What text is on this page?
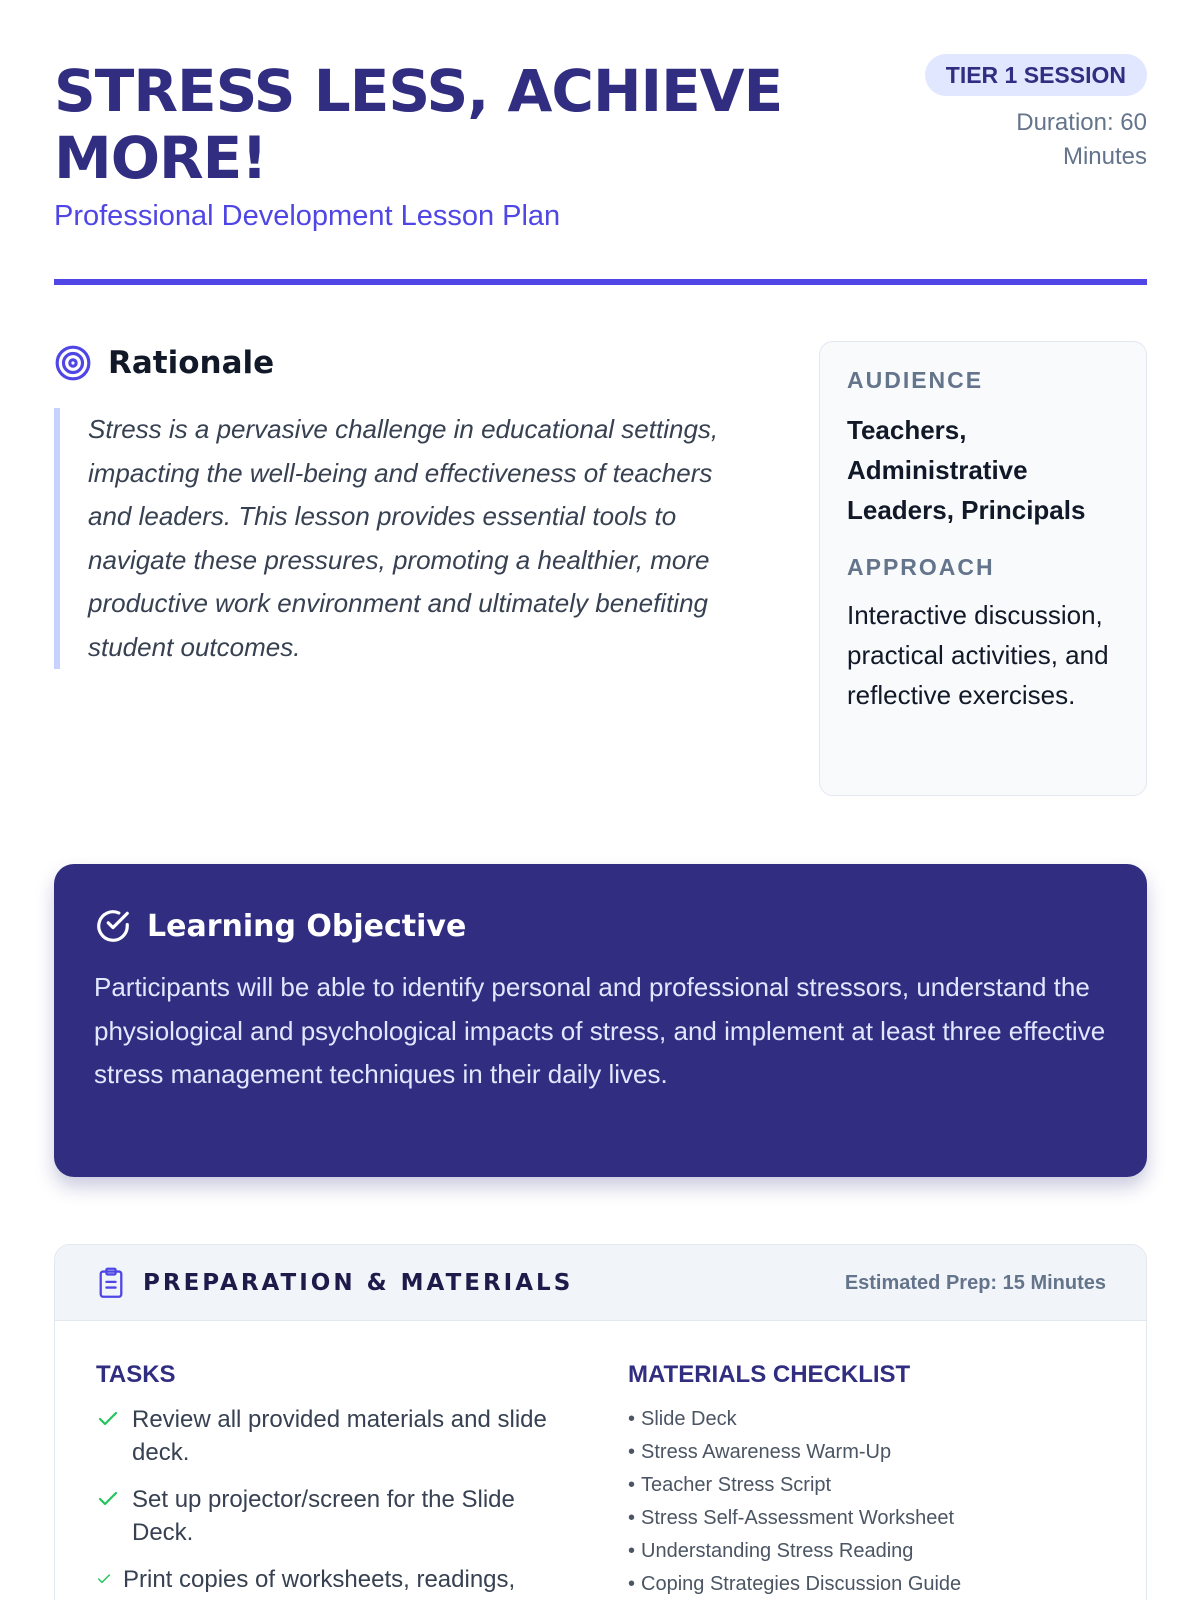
STRESS LESS, ACHIEVE MORE!
Professional Development Lesson Plan
TIER 1 SESSION
Duration: 60 Minutes
Rationale

Stress is a pervasive challenge in educational settings, impacting the well-being and effectiveness of teachers and leaders. This lesson provides essential tools to navigate these pressures, promoting a healthier, more productive work environment and ultimately benefiting student outcomes.

AUDIENCE
Teachers, Administrative Leaders, Principals
APPROACH
Interactive discussion, practical activities, and reflective exercises.
Learning Objective

Participants will be able to identify personal and professional stressors, understand the physiological and psychological impacts of stress, and implement at least three effective stress management techniques in their daily lives.

PREPARATION & MATERIALS	Estimated Prep: 15 Minutes
TASKS
Review all provided materials and slide deck.
Set up projector/screen for the Slide Deck.
Print copies of worksheets, readings,
MATERIALS CHECKLIST
• Slide Deck
• Stress Awareness Warm-Up
• Teacher Stress Script
• Stress Self-Assessment Worksheet
• Understanding Stress Reading
• Coping Strategies Discussion Guide
